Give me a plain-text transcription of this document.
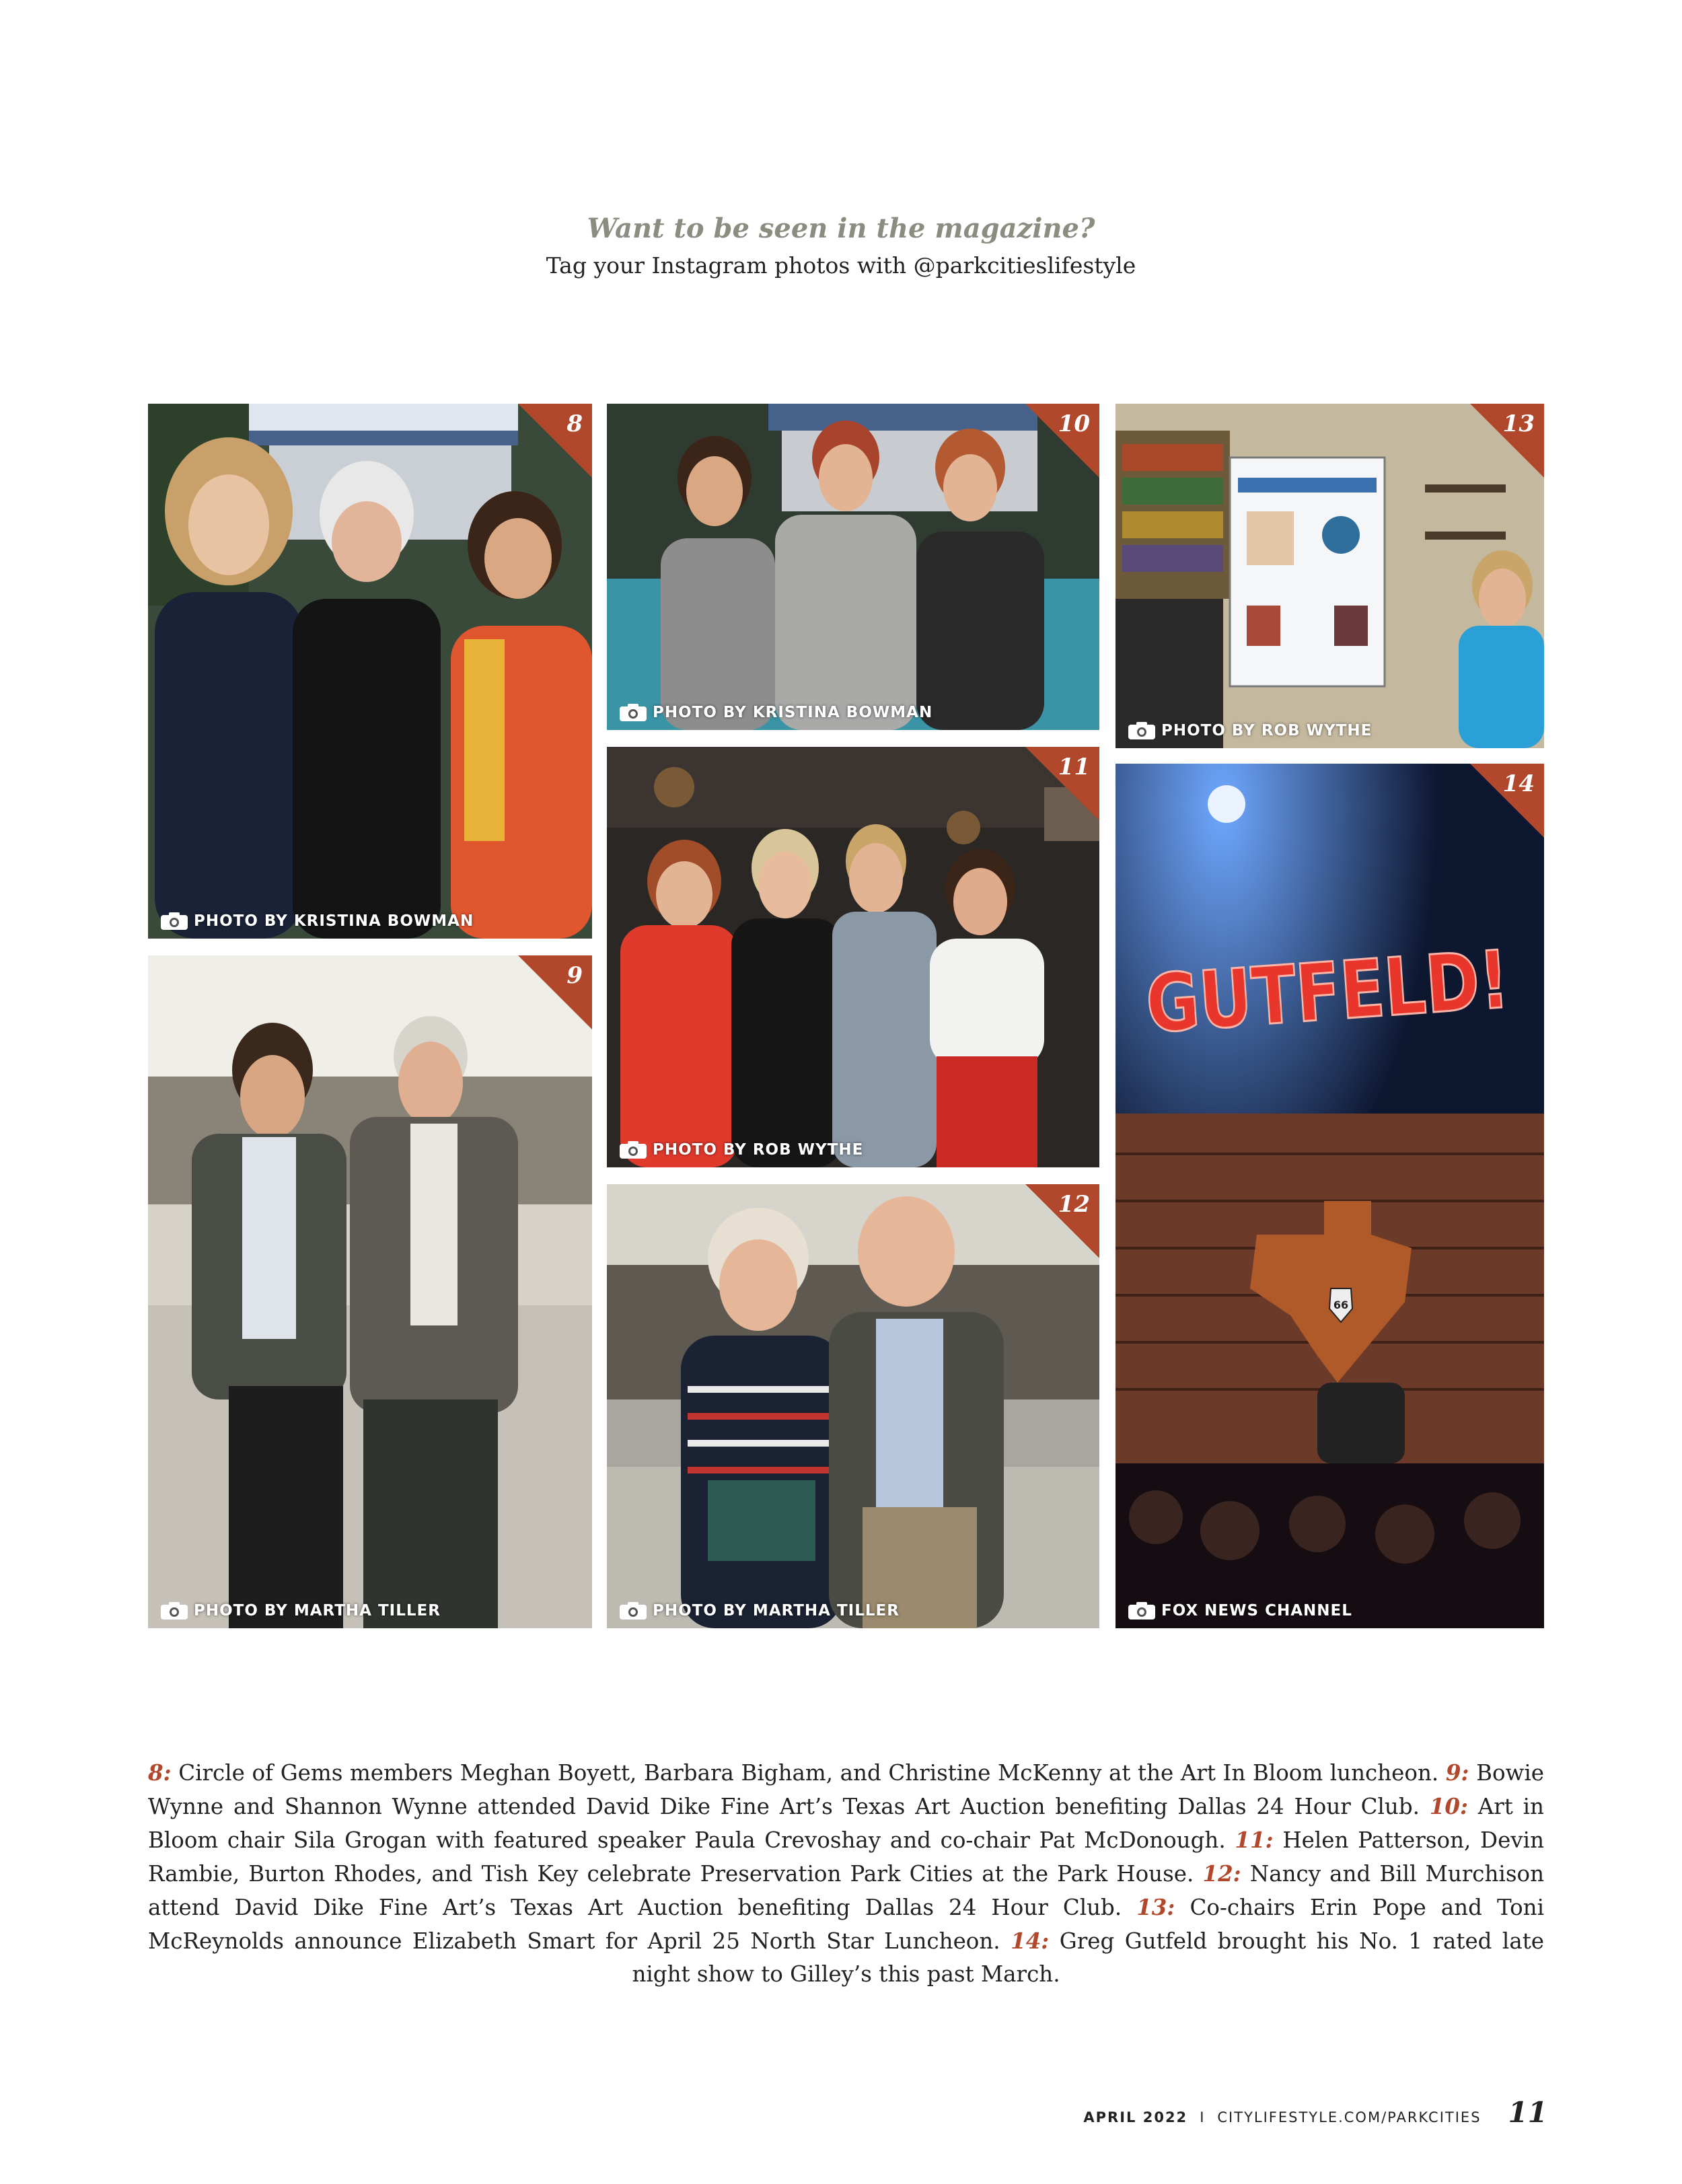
Want to be seen in the magazine?
Tag your Instagram photos with @parkcitieslifestyle
8
PHOTO BY KRISTINA BOWMAN
9
PHOTO BY MARTHA TILLER
10
PHOTO BY KRISTINA BOWMAN
11
PHOTO BY ROB WYTHE
12
PHOTO BY MARTHA TILLER
13
PHOTO BY ROB WYTHE
66
GUTFELD!
14
FOX NEWS CHANNEL
8: Circle of Gems members Meghan Boyett, Barbara Bigham, and Christine McKenny at the Art In Bloom luncheon. 9: Bowie Wynne and Shannon Wynne attended David Dike Fine Art’s Texas Art Auction benefiting Dallas 24 Hour Club. 10: Art in Bloom chair Sila Grogan with featured speaker Paula Crevoshay and co-chair Pat McDonough. 11: Helen Patterson, Devin Rambie, Burton Rhodes, and Tish Key celebrate Preservation Park Cities at the Park House. 12: Nancy and Bill Murchison attend David Dike Fine Art’s Texas Art Auction benefiting Dallas 24 Hour Club. 13: Co-chairs Erin Pope and Toni McReynolds announce Elizabeth Smart for April 25 North Star Luncheon. 14: Greg Gutfeld brought his No. 1 rated late night show to Gilley’s this past March.
APRIL 2022 I CITYLIFESTYLE.COM/PARKCITIES 11
